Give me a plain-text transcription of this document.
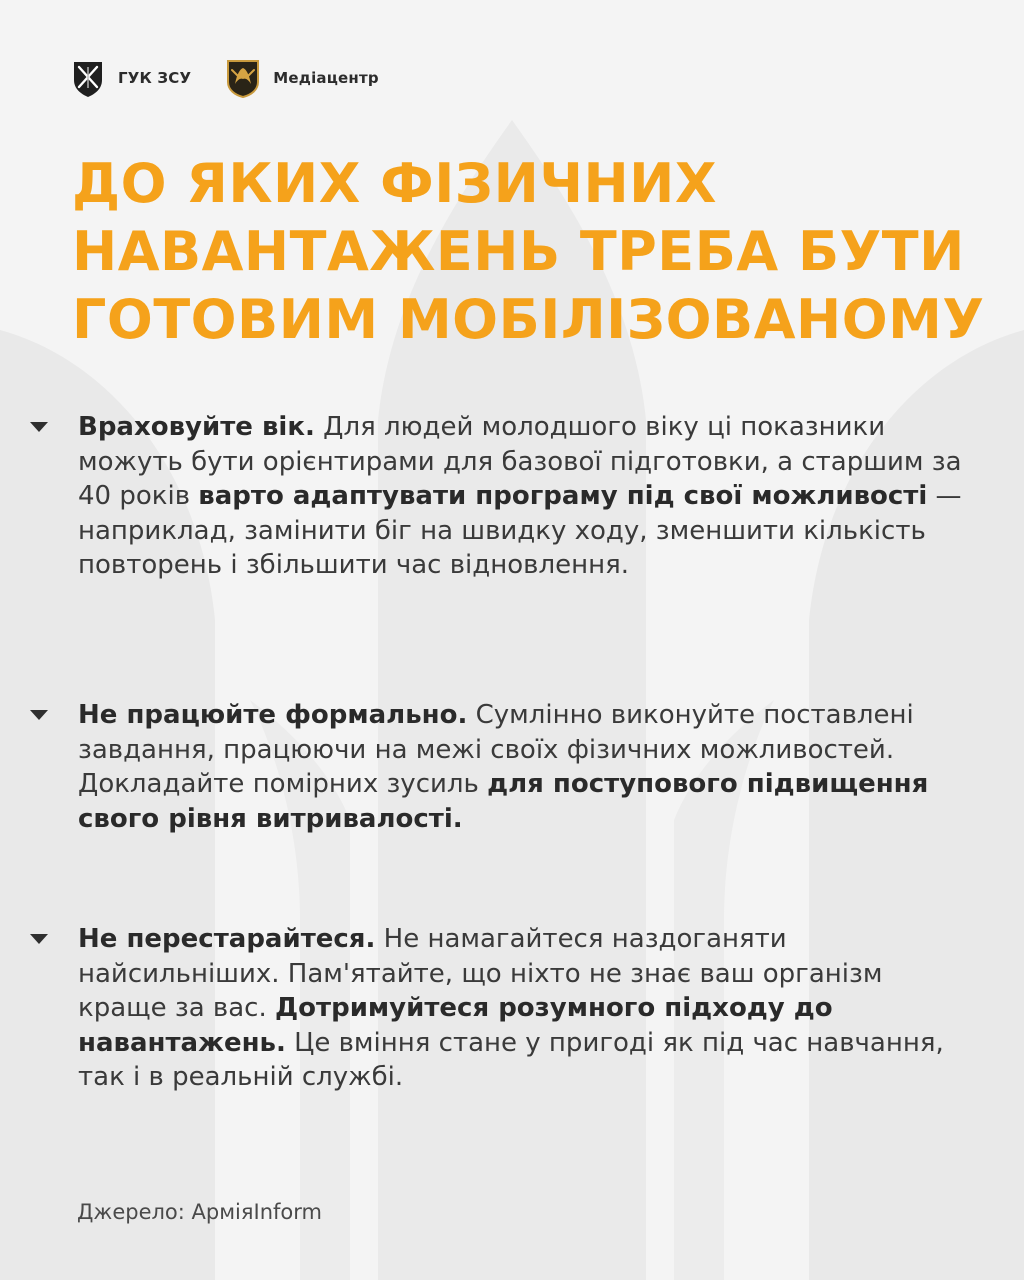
ГУК ЗСУ	Медіацентр
ДО ЯКИХ ФІЗИЧНИХ
НАВАНТАЖЕНЬ ТРЕБА БУТИ
ГОТОВИМ МОБІЛІЗОВАНОМУ

Враховуйте вік. Для людей молодшого віку ці показники можуть бути орієнтирами для базової підготовки, а старшим за 40 років варто адаптувати програму під свої можливості — наприклад, замінити біг на швидку ходу, зменшити кількість повторень і збільшити час відновлення.

Не працюйте формально. Сумлінно виконуйте поставлені завдання, працюючи на межі своїх фізичних можливостей. Докладайте помірних зусиль для поступового підвищення свого рівня витривалості.

Не перестарайтеся. Не намагайтеся наздоганяти найсильніших. Пам'ятайте, що ніхто не знає ваш організм краще за вас. Дотримуйтеся розумного підходу до навантажень. Це вміння стане у пригоді як під час навчання, так і в реальній службі.

Джерело: АрміяInform
